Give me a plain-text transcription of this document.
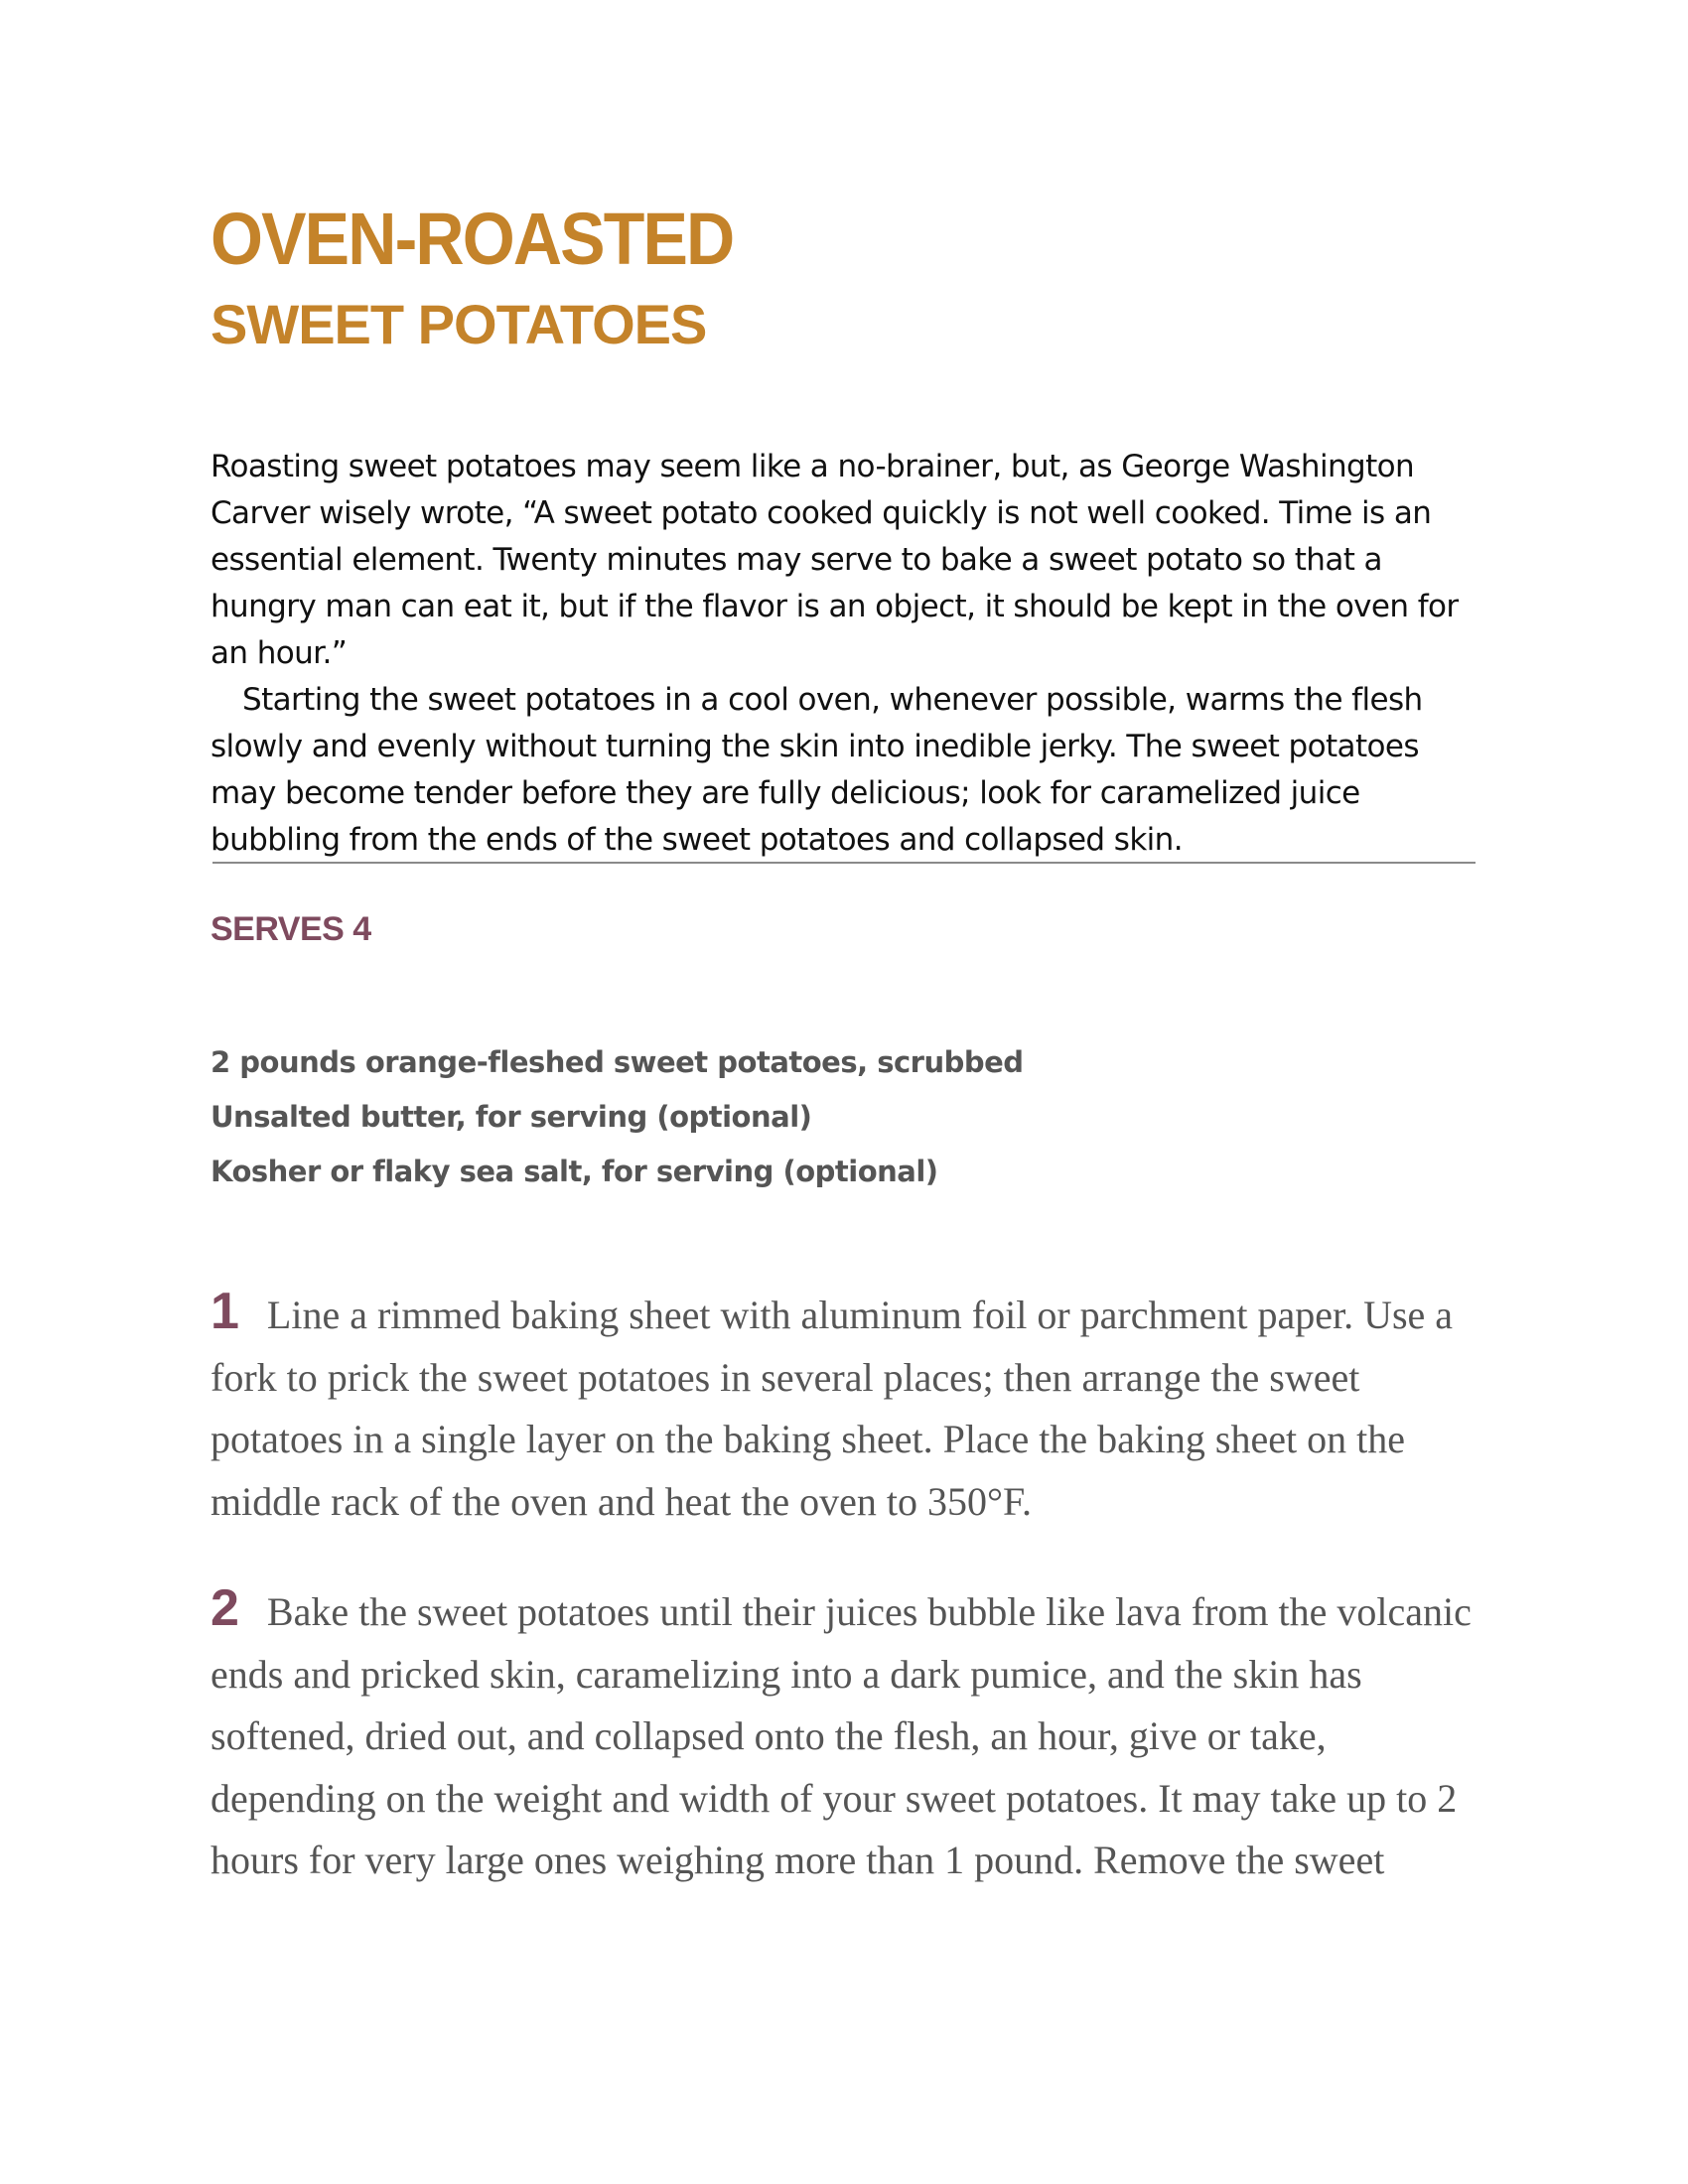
OVEN-ROASTED
SWEET POTATOES

Roasting sweet potatoes may seem like a no-brainer, but, as George Washington Carver wisely wrote, “A sweet potato cooked quickly is not well cooked. Time is an essential element. Twenty minutes may serve to bake a sweet potato so that a hungry man can eat it, but if the flavor is an object, it should be kept in the oven for an hour.”

Starting the sweet potatoes in a cool oven, whenever possible, warms the flesh slowly and evenly without turning the skin into inedible jerky. The sweet potatoes may become tender before they are fully delicious; look for caramelized juice bubbling from the ends of the sweet potatoes and collapsed skin.

SERVES 4
2 pounds orange-fleshed sweet potatoes, scrubbed
Unsalted butter, for serving (optional)
Kosher or flaky sea salt, for serving (optional)

1 Line a rimmed baking sheet with aluminum foil or parchment paper. Use a fork to prick the sweet potatoes in several places; then arrange the sweet potatoes in a single layer on the baking sheet. Place the baking sheet on the middle rack of the oven and heat the oven to 350°F.

2 Bake the sweet potatoes until their juices bubble like lava from the volcanic ends and pricked skin, caramelizing into a dark pumice, and the skin has softened, dried out, and collapsed onto the flesh, an hour, give or take, depending on the weight and width of your sweet potatoes. It may take up to 2 hours for very large ones weighing more than 1 pound. Remove the sweet
